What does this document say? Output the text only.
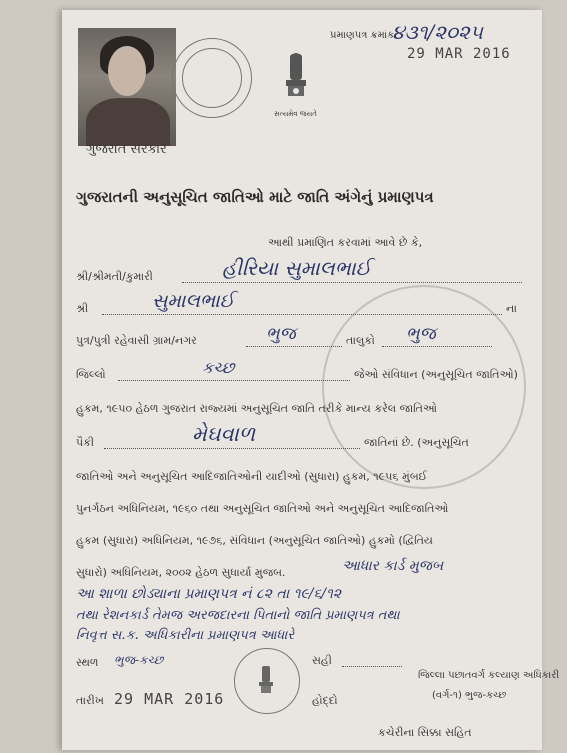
સત્યમેવ જયતે
પ્રમાણપત્ર ક્રમાંક:
૪૩૧/૨૦૨૫
29 MAR 2016
ગુજરાત સરકાર
ગુજરાતની અનુસૂચિત જાતિઓ માટે જાતિ અંગેનું પ્રમાણપત્ર
આથી પ્રમાણિત કરવામાં આવે છે કે,
શ્રી/શ્રીમતી/કુમારી	હીરિયા સુમાલભાઈ
શ્રી	સુમાલભાઈ	ના
પુત્ર/પુત્રી રહેવાસી ગ્રામ/નગર	ભુજ	તાલુકો ભુજ
જિલ્લો	કચ્છ	જેઓ સંવિધાન (અનુસૂચિત જાતિઓ)
હુકમ, ૧૯૫૦ હેઠળ ગુજરાત રાજ્યમાં અનુસૂચિત જાતિ તરીકે માન્ય કરેલ જાતિઓ
પૈકી	મેઘવાળ	જાતિનાં છે. (અનુસૂચિત
જાતિઓ અને અનુસૂચિત આદિજાતિઓની યાદીઓ (સુધારા) હુકમ, ૧૯૫૬ મુંબઈ
પુનર્ગઠન અધિનિયમ, ૧૯૬૦ તથા અનુસૂચિત જાતિઓ અને અનુસૂચિત આદિજાતિઓ
હુકમ (સુધારા) અધિનિયમ, ૧૯૭૬, સંવિધાન (અનુસૂચિત જાતિઓ) હુકમો (દ્વિતિય
સુધારો) અધિનિયમ, ૨૦૦૨ હેઠળ સુધાર્યા મુજબ.	આધાર કાર્ડ મુજબ
આ શાળા છોડ્યાના પ્રમાણપત્ર નં ૮૨ તા ૧૯/૬/૧૨
તથા રેશનકાર્ડ તેમજ અરજદારના પિતાનો જાતિ પ્રમાણપત્ર તથા
નિવૃત્ત સ.ક. અધિકારીના પ્રમાણપત્ર આધારે
સ્થળ ભુજ-કચ્છ	સહી
જિલ્લા પછાતવર્ગ કલ્યાણ અધિકારી
(વર્ગ-૧) ભુજ-કચ્છ
તારીખ 29 MAR 2016	હોદ્દો
કચેરીના સિક્કા સહિત
